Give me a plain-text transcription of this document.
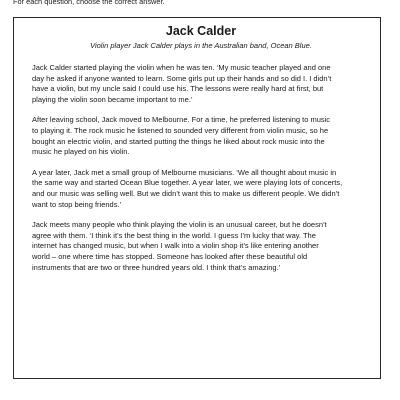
For each question, choose the correct answer.
Jack Calder

Violin player Jack Calder plays in the Australian band, Ocean Blue.

Jack Calder started playing the violin when he was ten. ‘My music teacher played and one
day he asked if anyone wanted to learn. Some girls put up their hands and so did I. I didn’t
have a violin, but my uncle said I could use his. The lessons were really hard at first, but
playing the violin soon became important to me.’

After leaving school, Jack moved to Melbourne. For a time, he preferred listening to music
to playing it. The rock music he listened to sounded very different from violin music, so he
bought an electric violin, and started putting the things he liked about rock music into the
music he played on his violin.

A year later, Jack met a small group of Melbourne musicians. ‘We all thought about music in
the same way and started Ocean Blue together. A year later, we were playing lots of concerts,
and our music was selling well. But we didn’t want this to make us different people. We didn’t
want to stop being friends.’

Jack meets many people who think playing the violin is an unusual career, but he doesn’t
agree with them. ‘I think it’s the best thing in the world. I guess I’m lucky that way. The
internet has changed music, but when I walk into a violin shop it’s like entering another
world – one where time has stopped. Someone has looked after these beautiful old
instruments that are two or three hundred years old. I think that’s amazing.’
